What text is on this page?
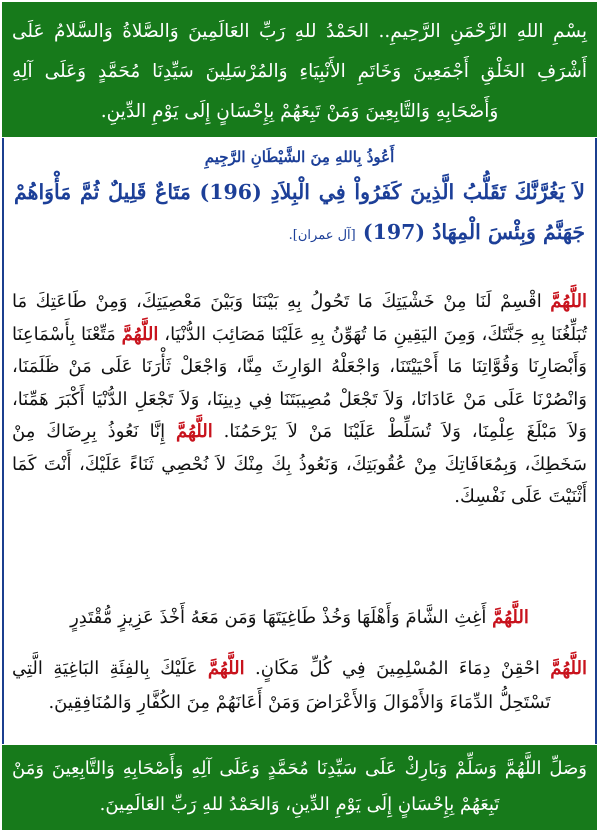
بِسْمِ اللهِ الرَّحْمَنِ الرَّحِيمِ.. الحَمْدُ للهِ رَبِّ العَالَمِينَ وَالصَّلاةُ وَالسَّلامُ عَلَى أَشْرَفِ الخَلْقِ أَجْمَعِينَ وَخَاتَمِ الأَنْبِيَاءِ وَالمُرْسَلِينَ سَيِّدِنَا مُحَمَّدٍ وَعَلَى آلِهِ وَأَصْحَابِهِ وَالتَّابِعِينَ وَمَنْ تَبِعَهُمْ بِإِحْسَانٍ إِلَى يَوْمِ الدِّينِ.
أَعُوذُ بِاللهِ مِنَ الشَّيْطَانِ الرَّجِيمِ
لاَ يَغُرَّنَّكَ تَقَلُّبُ الَّذِينَ كَفَرُواْ فِي الْبِلاَدِ (196) مَتَاعٌ قَلِيلٌ ثُمَّ مَأْوَاهُمْ جَهَنَّمُ وَبِئْسَ الْمِهَادُ (197) [آل عمران].
اللَّهُمَّ اقْسِمْ لَنَا مِنْ خَشْيَتِكَ مَا تَحُولُ بِهِ بَيْنَنَا وَبَيْنَ مَعْصِيَتِكَ، وَمِنْ طَاعَتِكَ مَا تُبَلِّغُنَا بِهِ جَنَّتَكَ، وَمِنَ اليَقِينِ مَا تُهَوِّنُ بِهِ عَلَيْنَا مَصَائِبَ الدُّنْيَا، اللَّهُمَّ مَتِّعْنَا بِأَسْمَاعِنَا وَأَبْصَارِنَا وَقُوَّاتِنَا مَا أَحْيَيْتَنَا، وَاجْعَلْهُ الوَارِثَ مِنَّا، وَاجْعَلْ ثَأْرَنَا عَلَى مَنْ ظَلَمَنَا، وَانْصُرْنَا عَلَى مَنْ عَادَانَا، وَلاَ تَجْعَلْ مُصِيبَتَنَا فِي دِينِنَا، وَلاَ تَجْعَلِ الدُّنْيَا أَكْبَرَ هَمِّنَا، وَلاَ مَبْلَغَ عِلْمِنَا، وَلاَ تُسَلِّطْ عَلَيْنَا مَنْ لاَ يَرْحَمُنَا. اللَّهُمَّ إِنَّا نَعُوذُ بِرِضَاكَ مِنْ سَخَطِكَ، وَبِمُعَافَاتِكَ مِنْ عُقُوبَتِكَ، وَنَعُوذُ بِكَ مِنْكَ لاَ نُحْصِي ثَنَاءً عَلَيْكَ، أَنْتَ كَمَا أَثْنَيْتَ عَلَى نَفْسِكَ.
اللَّهُمَّ أَغِثِ الشَّامَ وَأَهْلَهَا وَخُذْ طَاغِيَتَهَا وَمَن مَعَهُ أَخْذَ عَزِيزٍ مُّقْتَدِرٍ
اللَّهُمَّ احْقِنْ دِمَاءَ المُسْلِمِينَ فِي كُلِّ مَكَانٍ. اللَّهُمَّ عَلَيْكَ بِالفِئَةِ البَاغِيَةِ الَّتِي تَسْتَحِلُّ الدِّمَاءَ وَالأَمْوَالَ وَالأَعْرَاضَ وَمَنْ أَعَانَهُمْ مِنَ الكُفَّارِ وَالمُنَافِقِينَ.
وَصَلِّ اللَّهُمَّ وَسَلِّمْ وَبَارِكْ عَلَى سَيِّدِنَا مُحَمَّدٍ وَعَلَى آلِهِ وَأَصْحَابِهِ وَالتَّابِعِينَ وَمَنْ تَبِعَهُمْ بِإِحْسَانٍ إِلَى يَوْمِ الدِّينِ، وَالحَمْدُ للهِ رَبِّ العَالَمِينَ.
